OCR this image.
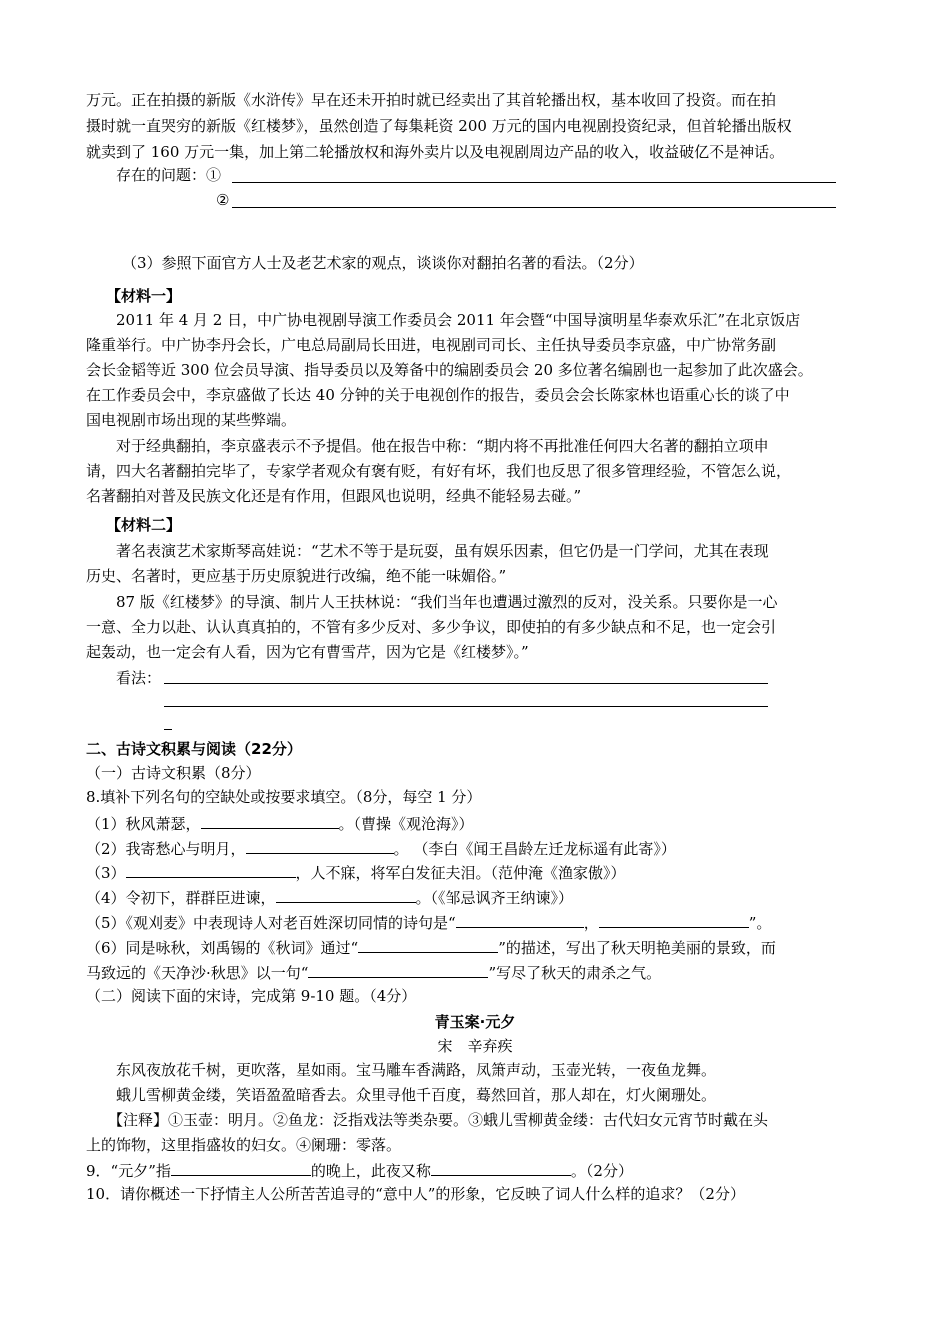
万元。正在拍摄的新版《水浒传》早在还未开拍时就已经卖出了其首轮播出权，基本收回了投资。而在拍
摄时就一直哭穷的新版《红楼梦》，虽然创造了每集耗资 200 万元的国内电视剧投资纪录，但首轮播出版权
就卖到了 160 万元一集，加上第二轮播放权和海外卖片以及电视剧周边产品的收入，收益破亿不是神话。
存在的问题：①
②
（3）参照下面官方人士及老艺术家的观点，谈谈你对翻拍名著的看法。（2分）
【材料一】
2011 年 4 月 2 日，中广协电视剧导演工作委员会 2011 年会暨“中国导演明星华泰欢乐汇”在北京饭店
隆重举行。中广协李丹会长，广电总局副局长田进，电视剧司司长、主任执导委员李京盛，中广协常务副
会长金韬等近 300 位会员导演、指导委员以及筹备中的编剧委员会 20 多位著名编剧也一起参加了此次盛会。
在工作委员会中，李京盛做了长达 40 分钟的关于电视创作的报告，委员会会长陈家林也语重心长的谈了中
国电视剧市场出现的某些弊端。
对于经典翻拍，李京盛表示不予提倡。他在报告中称：“期内将不再批准任何四大名著的翻拍立项申
请，四大名著翻拍完毕了，专家学者观众有褒有贬，有好有坏，我们也反思了很多管理经验，不管怎么说，
名著翻拍对普及民族文化还是有作用，但跟风也说明，经典不能轻易去碰。”
【材料二】
著名表演艺术家斯琴高娃说：“艺术不等于是玩耍，虽有娱乐因素，但它仍是一门学问，尤其在表现
历史、名著时，更应基于历史原貌进行改编，绝不能一味媚俗。”
87 版《红楼梦》的导演、制片人王扶林说：“我们当年也遭遇过激烈的反对，没关系。只要你是一心
一意、全力以赴、认认真真拍的，不管有多少反对、多少争议，即使拍的有多少缺点和不足，也一定会引
起轰动，也一定会有人看，因为它有曹雪芹，因为它是《红楼梦》。”
看法：
二、古诗文积累与阅读（22分）
（一）古诗文积累（8分）
8.填补下列名句的空缺处或按要求填空。（8分，每空 1 分）
（1）秋风萧瑟，	。（曹操《观沧海》）
（2）我寄愁心与明月，	。 （李白《闻王昌龄左迁龙标遥有此寄》）
（3）	，人不寐，将军白发征夫泪。（范仲淹《渔家傲》）
（4）令初下，群群臣进谏，	。（《邹忌讽齐王纳谏》）
（5）《观刈麦》中表现诗人对老百姓深切同情的诗句是“	，	”。
（6）同是咏秋，刘禹锡的《秋词》通过“	”的描述，写出了秋天明艳美丽的景致，而
马致远的《天净沙·秋思》以一句“	”写尽了秋天的肃杀之气。
（二）阅读下面的宋诗，完成第 9-10 题。（4分）
青玉案·元夕
宋　辛弃疾
东风夜放花千树，更吹落，星如雨。宝马雕车香满路，凤箫声动，玉壶光转，一夜鱼龙舞。
蛾儿雪柳黄金缕，笑语盈盈暗香去。众里寻他千百度，蓦然回首，那人却在，灯火阑珊处。
【注释】①玉壶：明月。②鱼龙：泛指戏法等类杂要。③蛾儿雪柳黄金缕：古代妇女元宵节时戴在头
上的饰物，这里指盛妆的妇女。④阑珊：零落。
9．“元夕”指	的晚上，此夜又称	。（2分）
10．请你概述一下抒情主人公所苦苦追寻的“意中人”的形象，它反映了词人什么样的追求？（2分）
